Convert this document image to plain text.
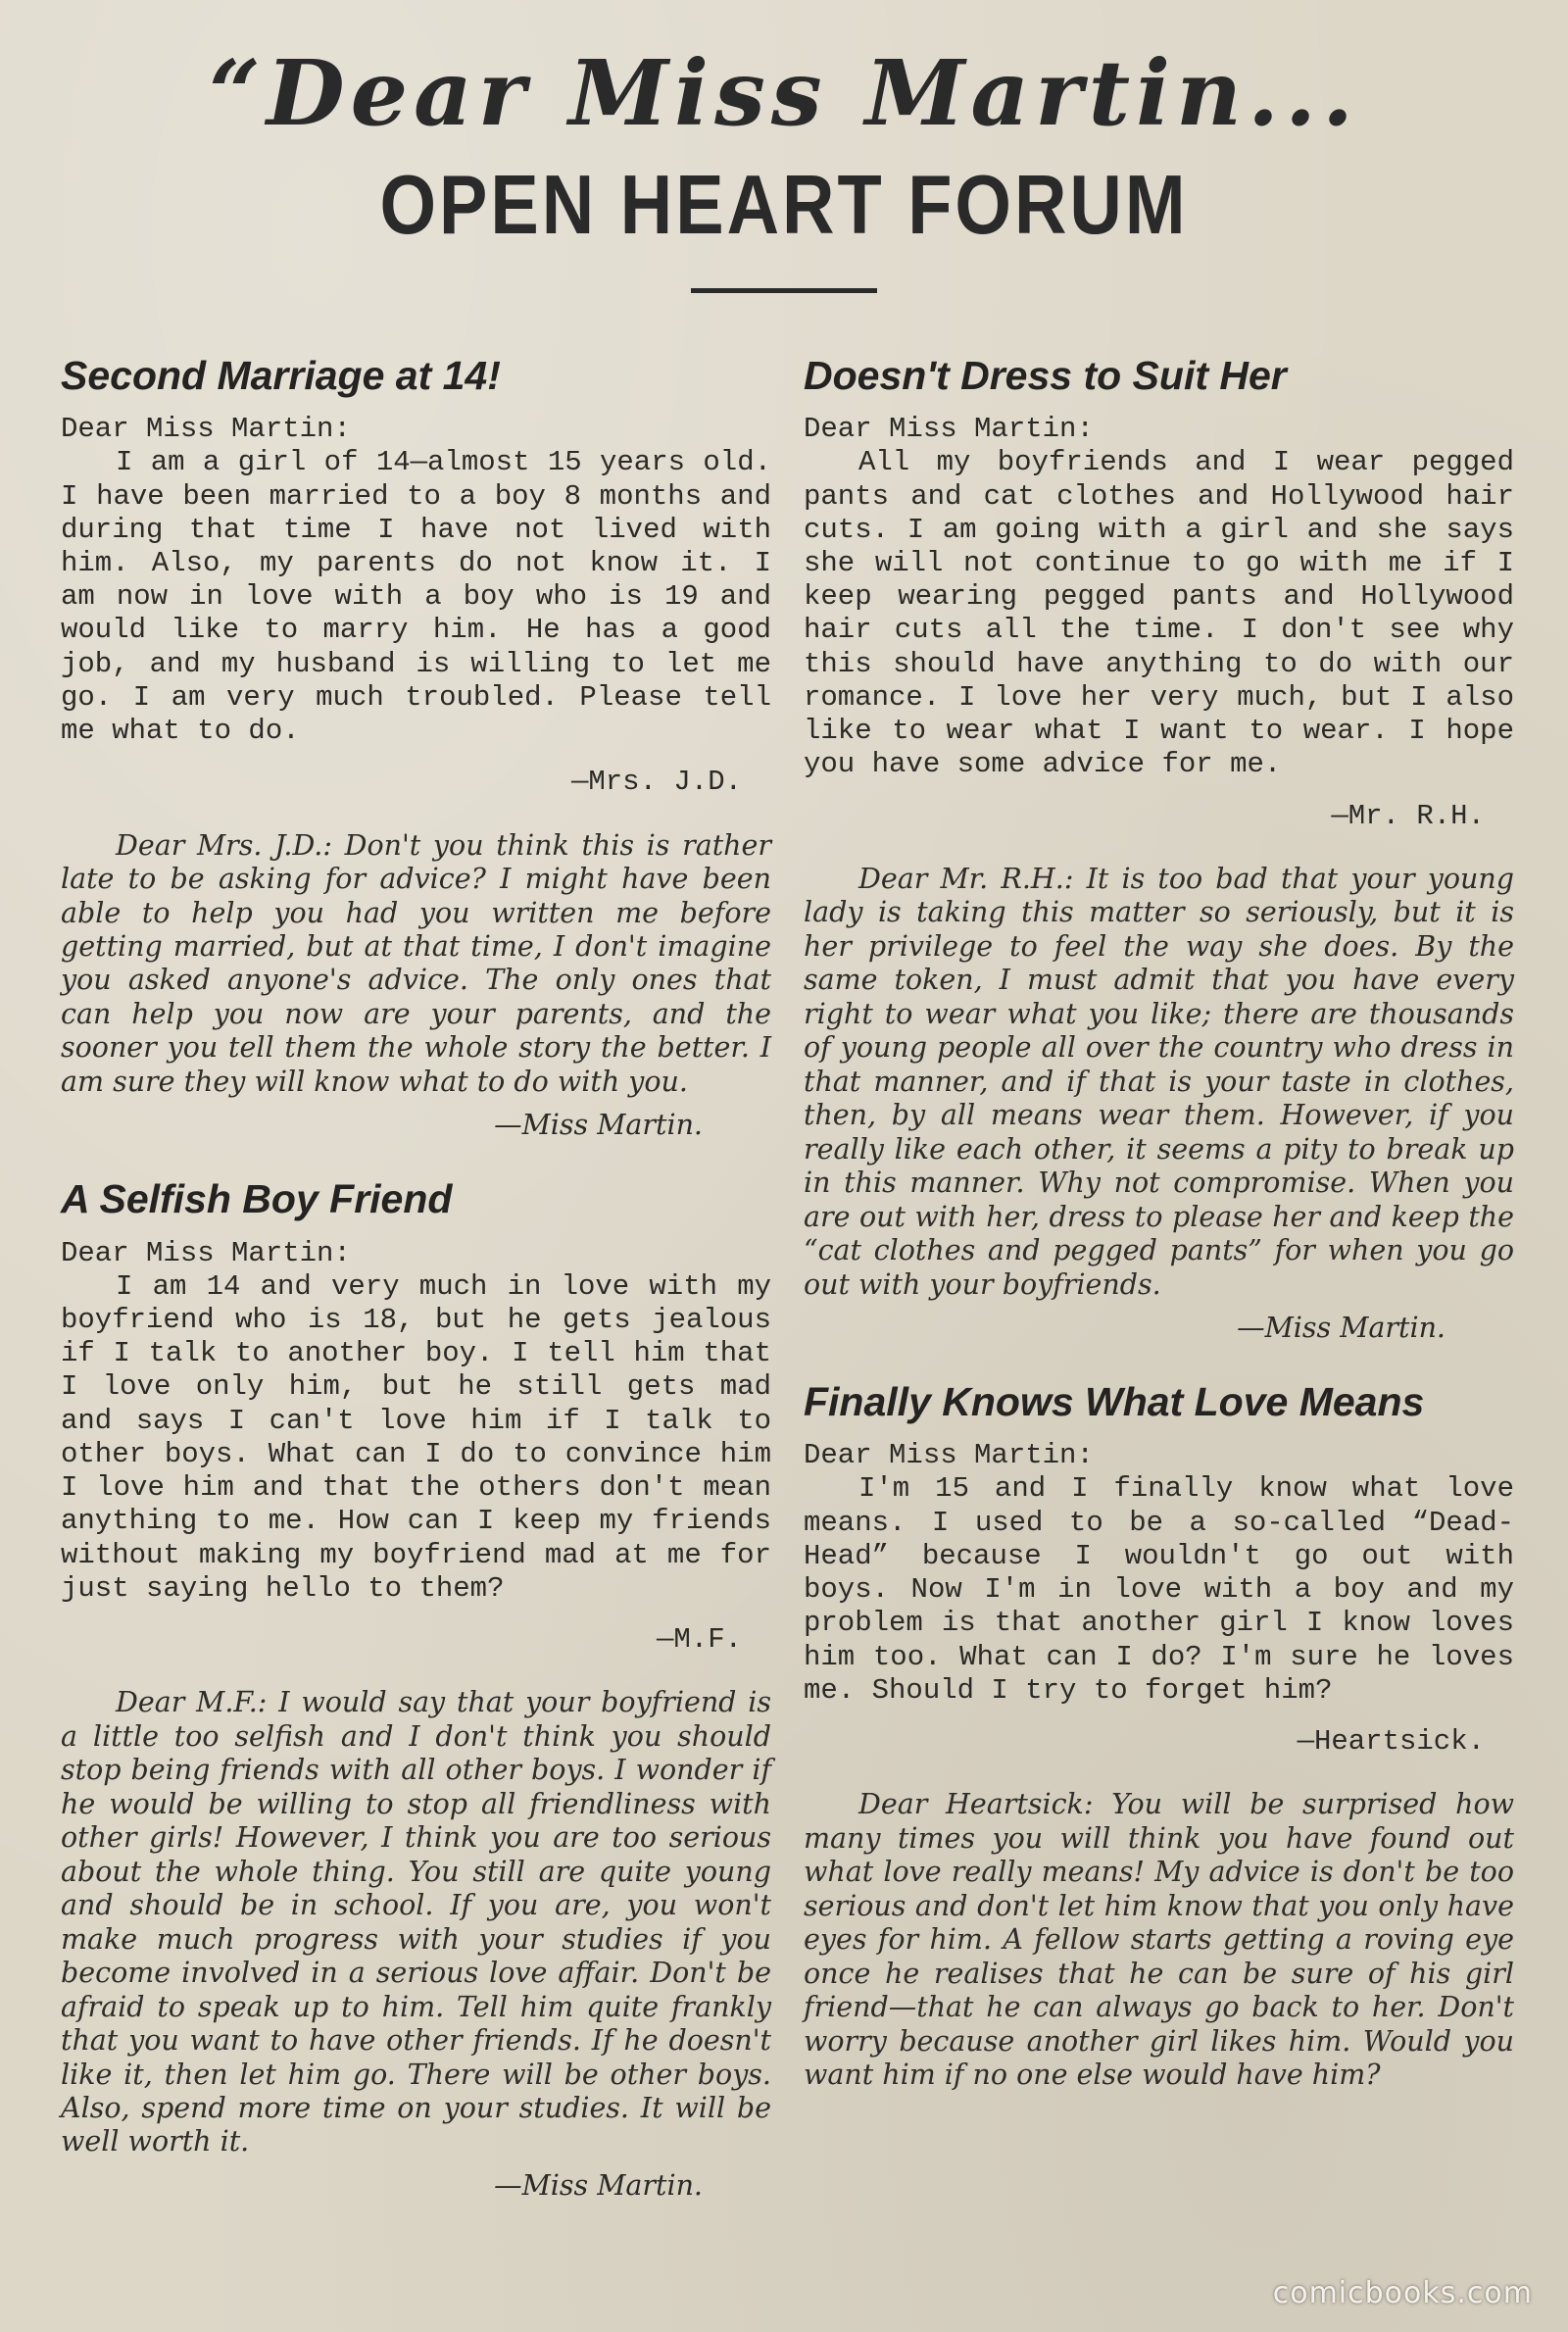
“Dear Miss Martin...
OPEN HEART FORUM
Second Marriage at 14!

Dear Miss Martin:

I am a girl of 14—almost 15 years old. I have been married to a boy 8 months and during that time I have not lived with him. Also, my parents do not know it. I am now in love with a boy who is 19 and would like to marry him. He has a good job, and my husband is willing to let me go. I am very much troubled. Please tell me what to do.

—Mrs. J.D.

Dear Mrs. J.D.: Don't you think this is rather late to be asking for advice? I might have been able to help you had you written me before getting married, but at that time, I don't imagine you asked anyone's advice. The only ones that can help you now are your parents, and the sooner you tell them the whole story the better. I am sure they will know what to do with you.

—Miss Martin.

A Selfish Boy Friend

Dear Miss Martin:

I am 14 and very much in love with my boyfriend who is 18, but he gets jealous if I talk to another boy. I tell him that I love only him, but he still gets mad and says I can't love him if I talk to other boys. What can I do to convince him I love him and that the others don't mean anything to me. How can I keep my friends without making my boyfriend mad at me for just saying hello to them?

—M.F.

Dear M.F.: I would say that your boyfriend is a little too selfish and I don't think you should stop being friends with all other boys. I wonder if he would be willing to stop all friendliness with other girls! However, I think you are too serious about the whole thing. You still are quite young and should be in school. If you are, you won't make much progress with your studies if you become involved in a serious love affair. Don't be afraid to speak up to him. Tell him quite frankly that you want to have other friends. If he doesn't like it, then let him go. There will be other boys. Also, spend more time on your studies. It will be well worth it.

—Miss Martin.

Doesn't Dress to Suit Her

Dear Miss Martin:

All my boyfriends and I wear pegged pants and cat clothes and Hollywood hair cuts. I am going with a girl and she says she will not continue to go with me if I keep wearing pegged pants and Hollywood hair cuts all the time. I don't see why this should have anything to do with our romance. I love her very much, but I also like to wear what I want to wear. I hope you have some advice for me.

—Mr. R.H.

Dear Mr. R.H.: It is too bad that your young lady is taking this matter so seriously, but it is her privilege to feel the way she does. By the same token, I must admit that you have every right to wear what you like; there are thousands of young people all over the country who dress in that manner, and if that is your taste in clothes, then, by all means wear them. However, if you really like each other, it seems a pity to break up in this manner. Why not compromise. When you are out with her, dress to please her and keep the “cat clothes and pegged pants” for when you go out with your boyfriends.

—Miss Martin.

Finally Knows What Love Means

Dear Miss Martin:

I'm 15 and I finally know what love means. I used to be a so-called “Dead-Head” because I wouldn't go out with boys. Now I'm in love with a boy and my problem is that another girl I know loves him too. What can I do? I'm sure he loves me. Should I try to forget him?

—Heartsick.

Dear Heartsick: You will be surprised how many times you will think you have found out what love really means! My advice is don't be too serious and don't let him know that you only have eyes for him. A fellow starts getting a roving eye once he realises that he can be sure of his girl friend—that he can always go back to her. Don't worry because another girl likes him. Would you want him if no one else would have him?

comicbooks.com
